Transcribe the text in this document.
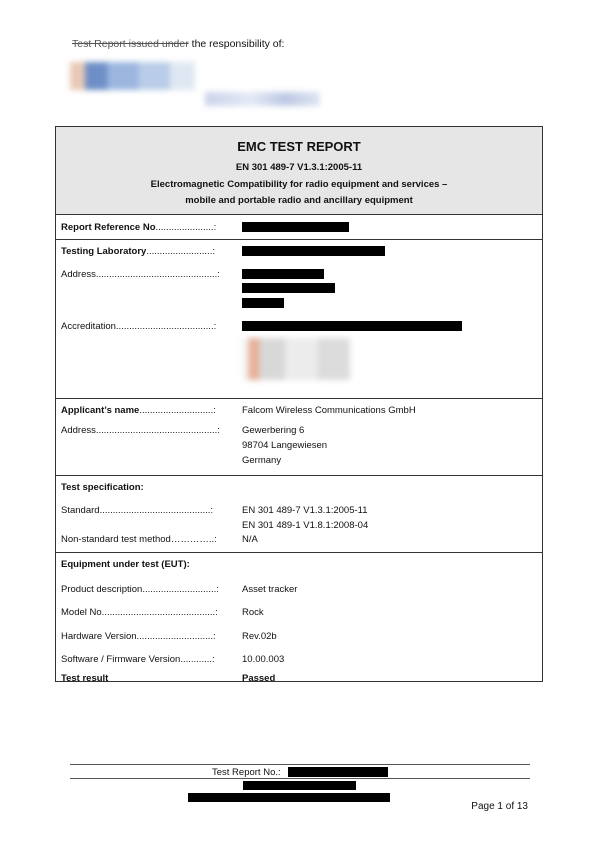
Test Report issued under the responsibility of:
EMC TEST REPORT
EN 301 489-7 V1.3.1:2005-11
Electromagnetic Compatibility for radio equipment and services –
mobile and portable radio and ancillary equipment
Report Reference No......................:
Testing Laboratory.........................:
Address..............................................:
Accreditation.....................................:
Applicant’s name............................:	Falcom Wireless Communications GmbH
Address..............................................: Gewerbering 6
98704 Langewiesen
Germany
Test specification:
Standard..........................................:	EN 301 489-7 V1.3.1:2005-11
EN 301 489-1 V1.8.1:2008-04
Non-standard test method…………..:	N/A
Equipment under test (EUT):
Product description............................: Asset tracker
Model No...........................................:	Rock
Hardware Version.............................:	Rev.02b
Software / Firmware Version............:	10.00.003
Test result	Passed
Test Report No.:
Page 1 of 13
